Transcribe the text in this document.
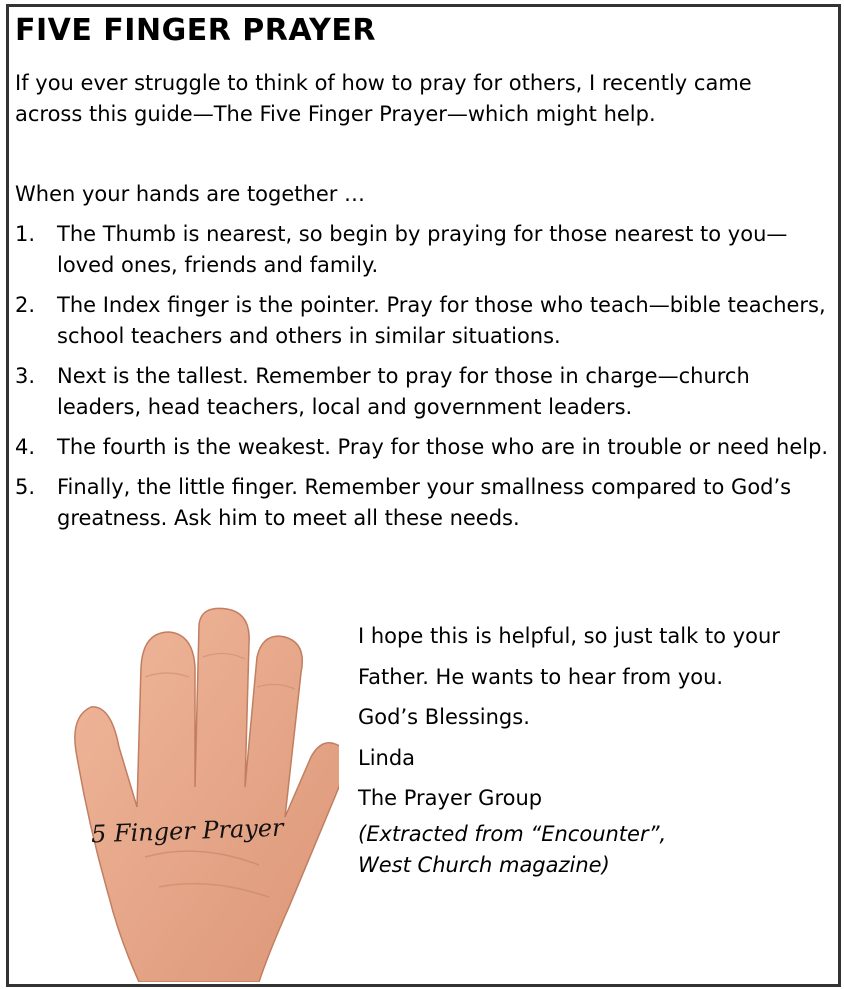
FIVE FINGER PRAYER

If you ever struggle to think of how to pray for others, I recently came across this guide—The Five Finger Prayer—which might help.

When your hands are together …

1.	The Thumb is nearest, so begin by praying for those nearest to you—loved ones, friends and family.
2.	The Index finger is the pointer. Pray for those who teach—bible teachers, school teachers and others in similar situations.
3.	Next is the tallest. Remember to pray for those in charge—church leaders, head teachers, local and government leaders.
4.	The fourth is the weakest. Pray for those who are in trouble or need help.
5.	Finally, the little finger. Remember your smallness compared to God’s greatness. Ask him to meet all these needs.
5 Finger Prayer
I hope this is helpful, so just talk to your
Father. He wants to hear from you.
God’s Blessings.
Linda
The Prayer Group
(Extracted from “Encounter”,
West Church magazine)
